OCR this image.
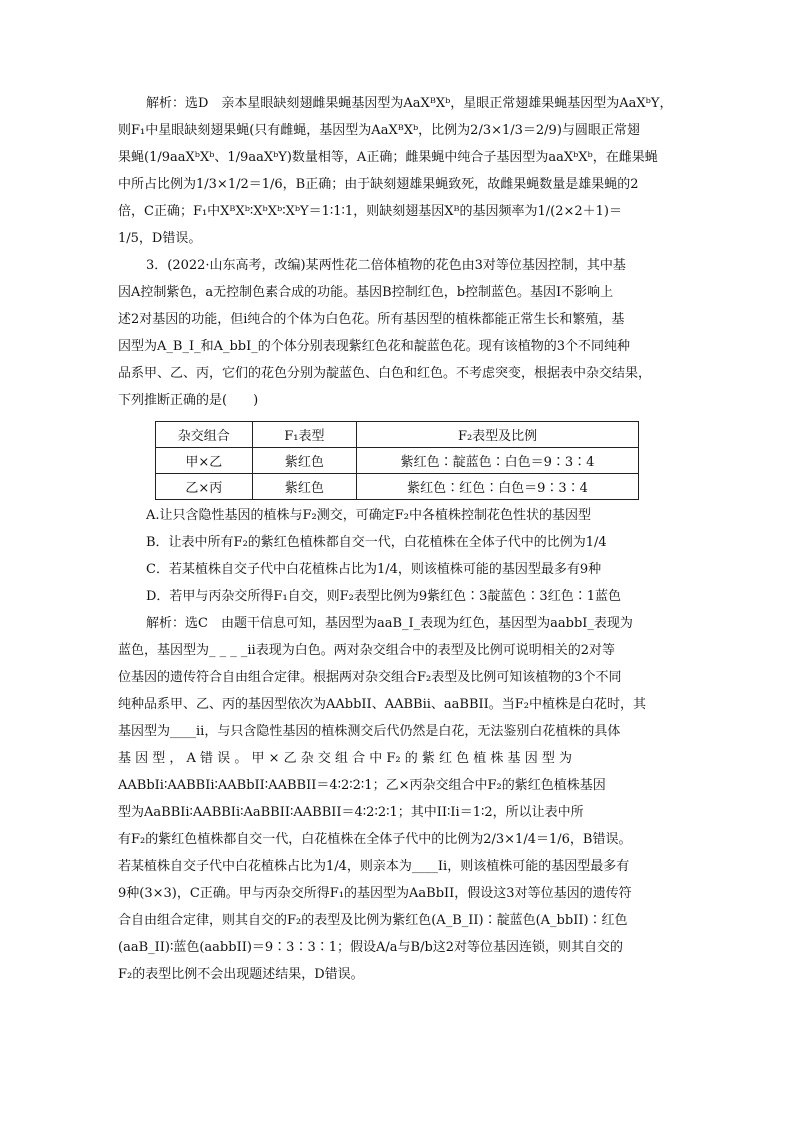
解析：选D　亲本星眼缺刻翅雌果蝇基因型为AaXᴮXᵇ，星眼正常翅雄果蝇基因型为AaXᵇY，
则F₁中星眼缺刻翅果蝇(只有雌蝇，基因型为AaXᴮXᵇ，比例为2/3×1/3＝2/9)与圆眼正常翅
果蝇(1/9aaXᵇXᵇ、1/9aaXᵇY)数量相等，A正确；雌果蝇中纯合子基因型为aaXᵇXᵇ，在雌果蝇
中所占比例为1/3×1/2＝1/6，B正确；由于缺刻翅雄果蝇致死，故雌果蝇数量是雄果蝇的2
倍，C正确；F₁中XᴮXᵇ∶XᵇXᵇ∶XᵇY＝1∶1∶1，则缺刻翅基因Xᴮ的基因频率为1/(2×2＋1)＝
1/5，D错误。
3．(2022·山东高考，改编)某两性花二倍体植物的花色由3对等位基因控制，其中基
因A控制紫色，a无控制色素合成的功能。基因B控制红色，b控制蓝色。基因I不影响上
述2对基因的功能，但i纯合的个体为白色花。所有基因型的植株都能正常生长和繁殖，基
因型为A_B_I_和A_bbI_的个体分别表现紫红色花和靛蓝色花。现有该植物的3个不同纯种
品系甲、乙、丙，它们的花色分别为靛蓝色、白色和红色。不考虑突变，根据表中杂交结果，
下列推断正确的是(　　)
杂交组合	F₁表型	F₂表型及比例
甲×乙	紫红色	紫红色∶靛蓝色∶白色＝9∶3∶4
乙×丙	紫红色	紫红色∶红色∶白色＝9∶3∶4
A.让只含隐性基因的植株与F₂测交，可确定F₂中各植株控制花色性状的基因型
B．让表中所有F₂的紫红色植株都自交一代，白花植株在全体子代中的比例为1/4
C．若某植株自交子代中白花植株占比为1/4，则该植株可能的基因型最多有9种
D．若甲与丙杂交所得F₁自交，则F₂表型比例为9紫红色∶3靛蓝色∶3红色∶1蓝色
解析：选C　由题干信息可知，基因型为aaB_I_表现为红色，基因型为aabbI_表现为
蓝色，基因型为_ _ _ _ii表现为白色。两对杂交组合中的表型及比例可说明相关的2对等
位基因的遗传符合自由组合定律。根据两对杂交组合F₂表型及比例可知该植物的3个不同
纯种品系甲、乙、丙的基因型依次为AAbbII、AABBii、aaBBII。当F₂中植株是白花时，其
基因型为____ii，与只含隐性基因的植株测交后代仍然是白花，无法鉴别白花植株的具体
基 因 型 ， A 错 误 。 甲 × 乙 杂 交 组 合 中 F₂ 的 紫 红 色 植 株 基 因 型 为
AABbIi∶AABBIi∶AABbII∶AABBII＝4∶2∶2∶1；乙×丙杂交组合中F₂的紫红色植株基因
型为AaBBIi∶AABBIi∶AaBBII∶AABBII＝4∶2∶2∶1；其中II∶Ii＝1∶2，所以让表中所
有F₂的紫红色植株都自交一代，白花植株在全体子代中的比例为2/3×1/4＝1/6，B错误。
若某植株自交子代中白花植株占比为1/4，则亲本为____Ii，则该植株可能的基因型最多有
9种(3×3)，C正确。甲与丙杂交所得F₁的基因型为AaBbII，假设这3对等位基因的遗传符
合自由组合定律，则其自交的F₂的表型及比例为紫红色(A_B_II)∶靛蓝色(A_bbII)∶红色
(aaB_II)∶蓝色(aabbII)＝9∶3∶3∶1；假设A/a与B/b这2对等位基因连锁，则其自交的
F₂的表型比例不会出现题述结果，D错误。
